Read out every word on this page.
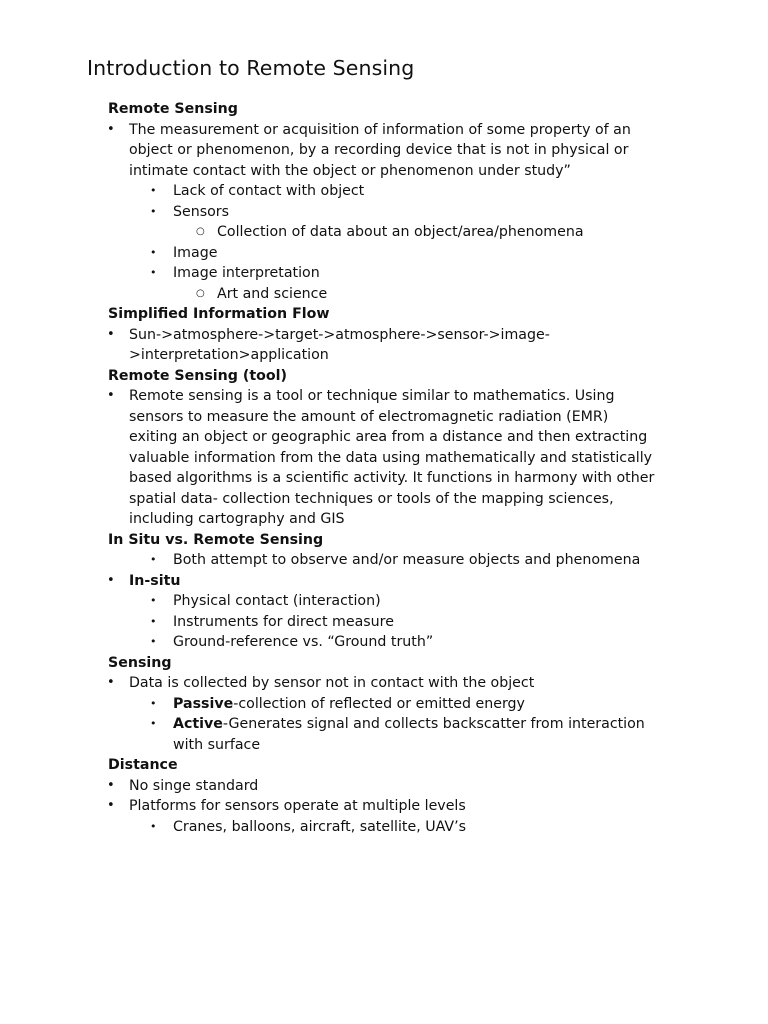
Introduction to Remote Sensing
Remote Sensing
•	The measurement or acquisition of information of some property of an
object or phenomenon, by a recording device that is not in physical or
intimate contact with the object or phenomenon under study”
•	Lack of contact with object
•	Sensors
○ Collection of data about an object/area/phenomena
•	Image
•	Image interpretation
○ Art and science
Simplified Information Flow
•	Sun->atmosphere->target->atmosphere->sensor->image-
>interpretation>application
Remote Sensing (tool)
•	Remote sensing is a tool or technique similar to mathematics. Using
sensors to measure the amount of electromagnetic radiation (EMR)
exiting an object or geographic area from a distance and then extracting
valuable information from the data using mathematically and statistically
based algorithms is a scientific activity. It functions in harmony with other
spatial data- collection techniques or tools of the mapping sciences,
including cartography and GIS
In Situ vs. Remote Sensing
•	Both attempt to observe and/or measure objects and phenomena
•	In-situ
•	Physical contact (interaction)
•	Instruments for direct measure
•	Ground-reference vs. “Ground truth”
Sensing
•	Data is collected by sensor not in contact with the object
•	Passive-collection of reflected or emitted energy
•	Active-Generates signal and collects backscatter from interaction
with surface
Distance
•	No singe standard
•	Platforms for sensors operate at multiple levels
•	Cranes, balloons, aircraft, satellite, UAV’s
